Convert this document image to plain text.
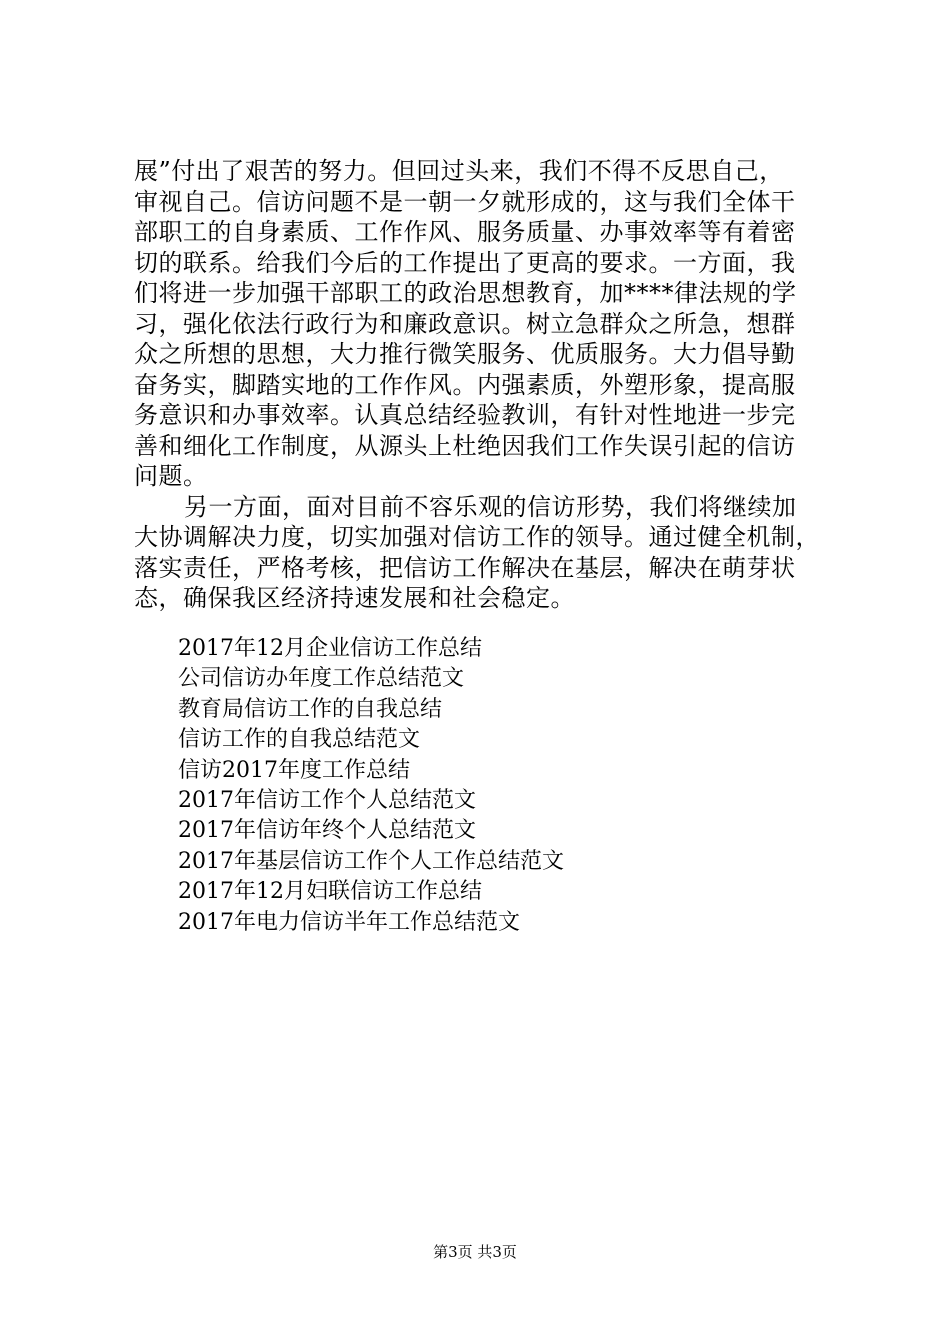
展”付出了艰苦的努力。但回过头来，我们不得不反思自己，
审视自己。信访问题不是一朝一夕就形成的，这与我们全体干
部职工的自身素质、工作作风、服务质量、办事效率等有着密
切的联系。给我们今后的工作提出了更高的要求。一方面，我
们将进一步加强干部职工的政治思想教育，加****律法规的学
习，强化依法行政行为和廉政意识。树立急群众之所急，想群
众之所想的思想，大力推行微笑服务、优质服务。大力倡导勤
奋务实，脚踏实地的工作作风。内强素质，外塑形象，提高服
务意识和办事效率。认真总结经验教训，有针对性地进一步完
善和细化工作制度，从源头上杜绝因我们工作失误引起的信访
问题。
另一方面，面对目前不容乐观的信访形势，我们将继续加
大协调解决力度，切实加强对信访工作的领导。通过健全机制，
落实责任，严格考核，把信访工作解决在基层，解决在萌芽状
态，确保我区经济持速发展和社会稳定。
2017年12月企业信访工作总结
公司信访办年度工作总结范文
教育局信访工作的自我总结
信访工作的自我总结范文
信访2017年度工作总结
2017年信访工作个人总结范文
2017年信访年终个人总结范文
2017年基层信访工作个人工作总结范文
2017年12月妇联信访工作总结
2017年电力信访半年工作总结范文
第3页 共3页
